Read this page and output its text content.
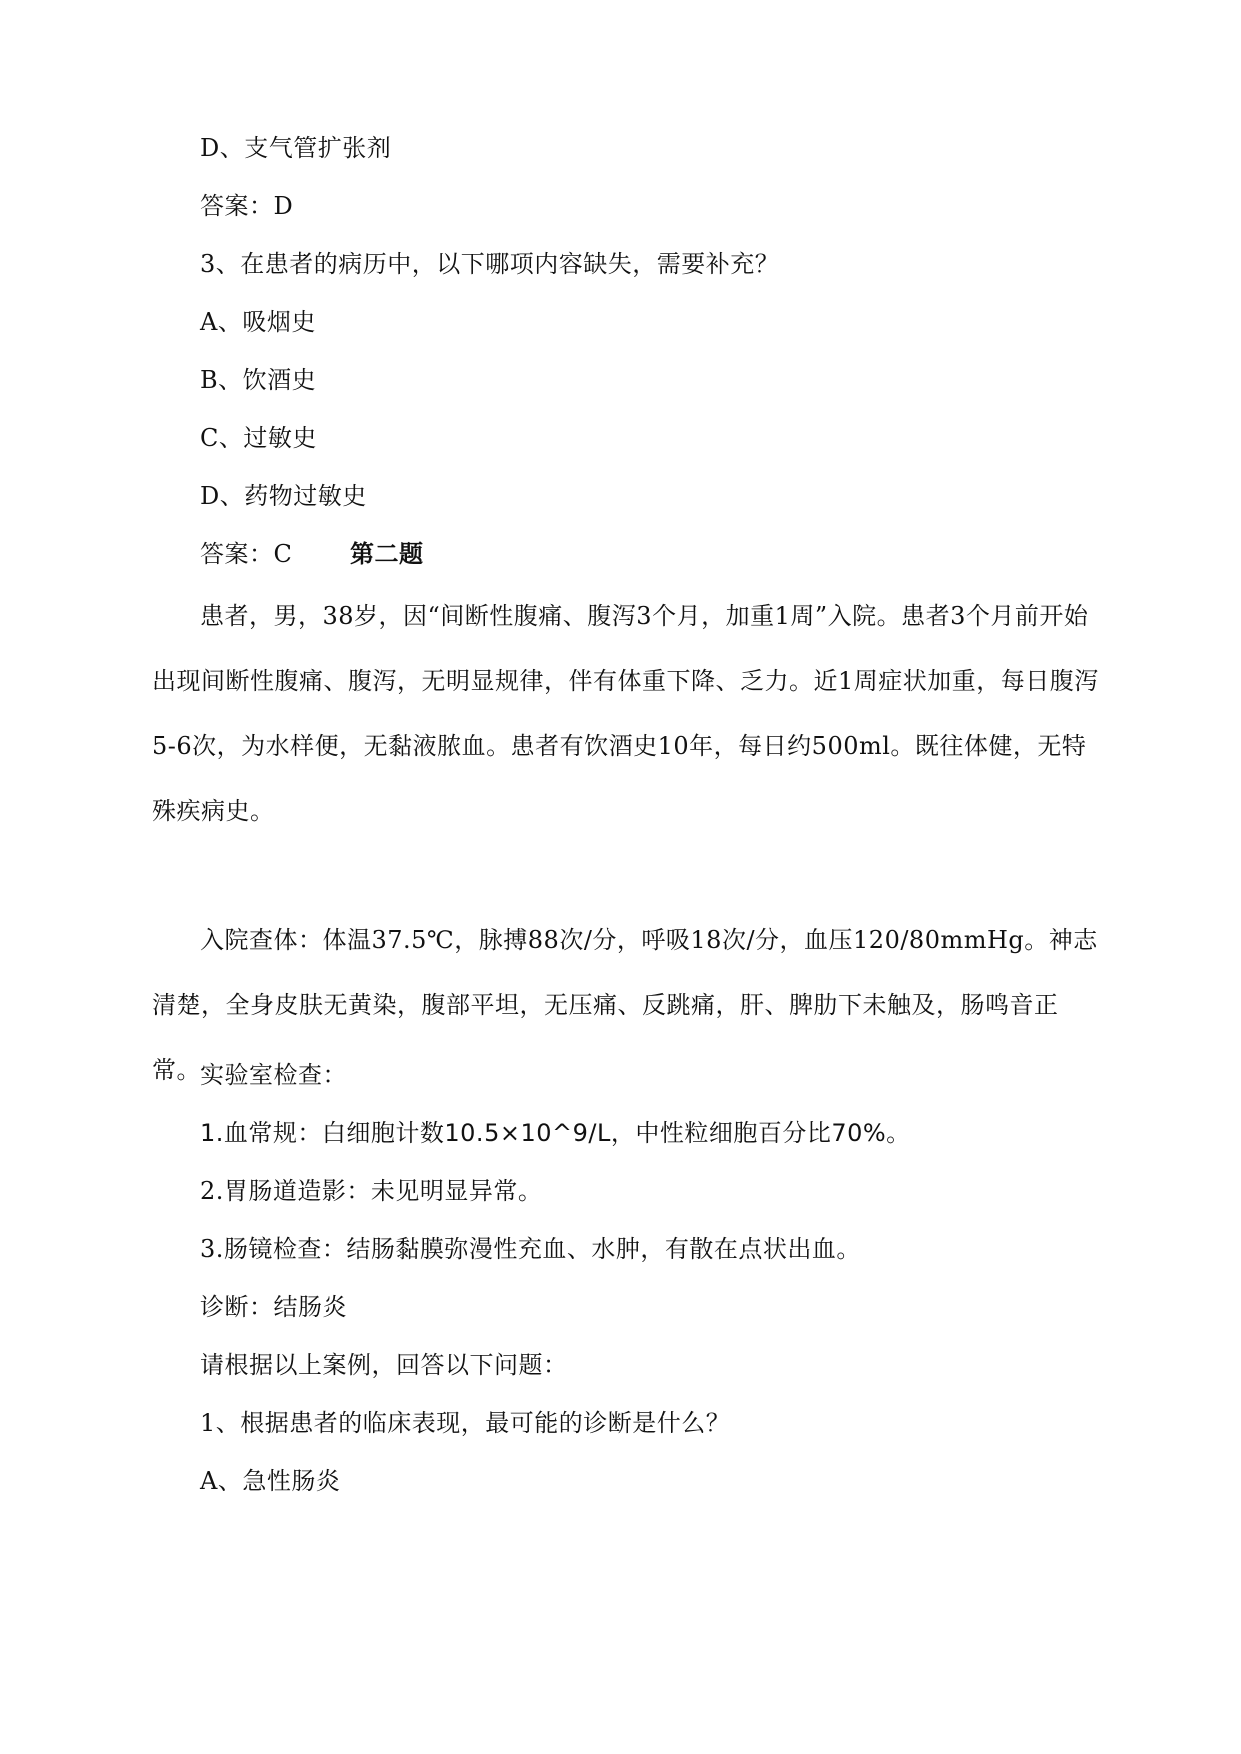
D、支气管扩张剂
答案：D
3、在患者的病历中，以下哪项内容缺失，需要补充？
A、吸烟史
B、饮酒史
C、过敏史
D、药物过敏史
答案：C 第二题
患者，男，38岁，因“间断性腹痛、腹泻3个月，加重1周”入院。患者3个月前开始出现间断性腹痛、腹泻，无明显规律，伴有体重下降、乏力。近1周症状加重，每日腹泻5-6次，为水样便，无黏液脓血。患者有饮酒史10年，每日约500ml。既往体健，无特殊疾病史。
入院查体：体温37.5℃，脉搏88次/分，呼吸18次/分，血压120/80mmHg。神志清楚，全身皮肤无黄染，腹部平坦，无压痛、反跳痛，肝、脾肋下未触及，肠鸣音正常。 实验室检查：
1.血常规：白细胞计数10.5×10^9/L，中性粒细胞百分比70%。
2.胃肠道造影：未见明显异常。
3.肠镜检查：结肠黏膜弥漫性充血、水肿，有散在点状出血。
诊断：结肠炎
请根据以上案例，回答以下问题：
1、根据患者的临床表现，最可能的诊断是什么？
A、急性肠炎
